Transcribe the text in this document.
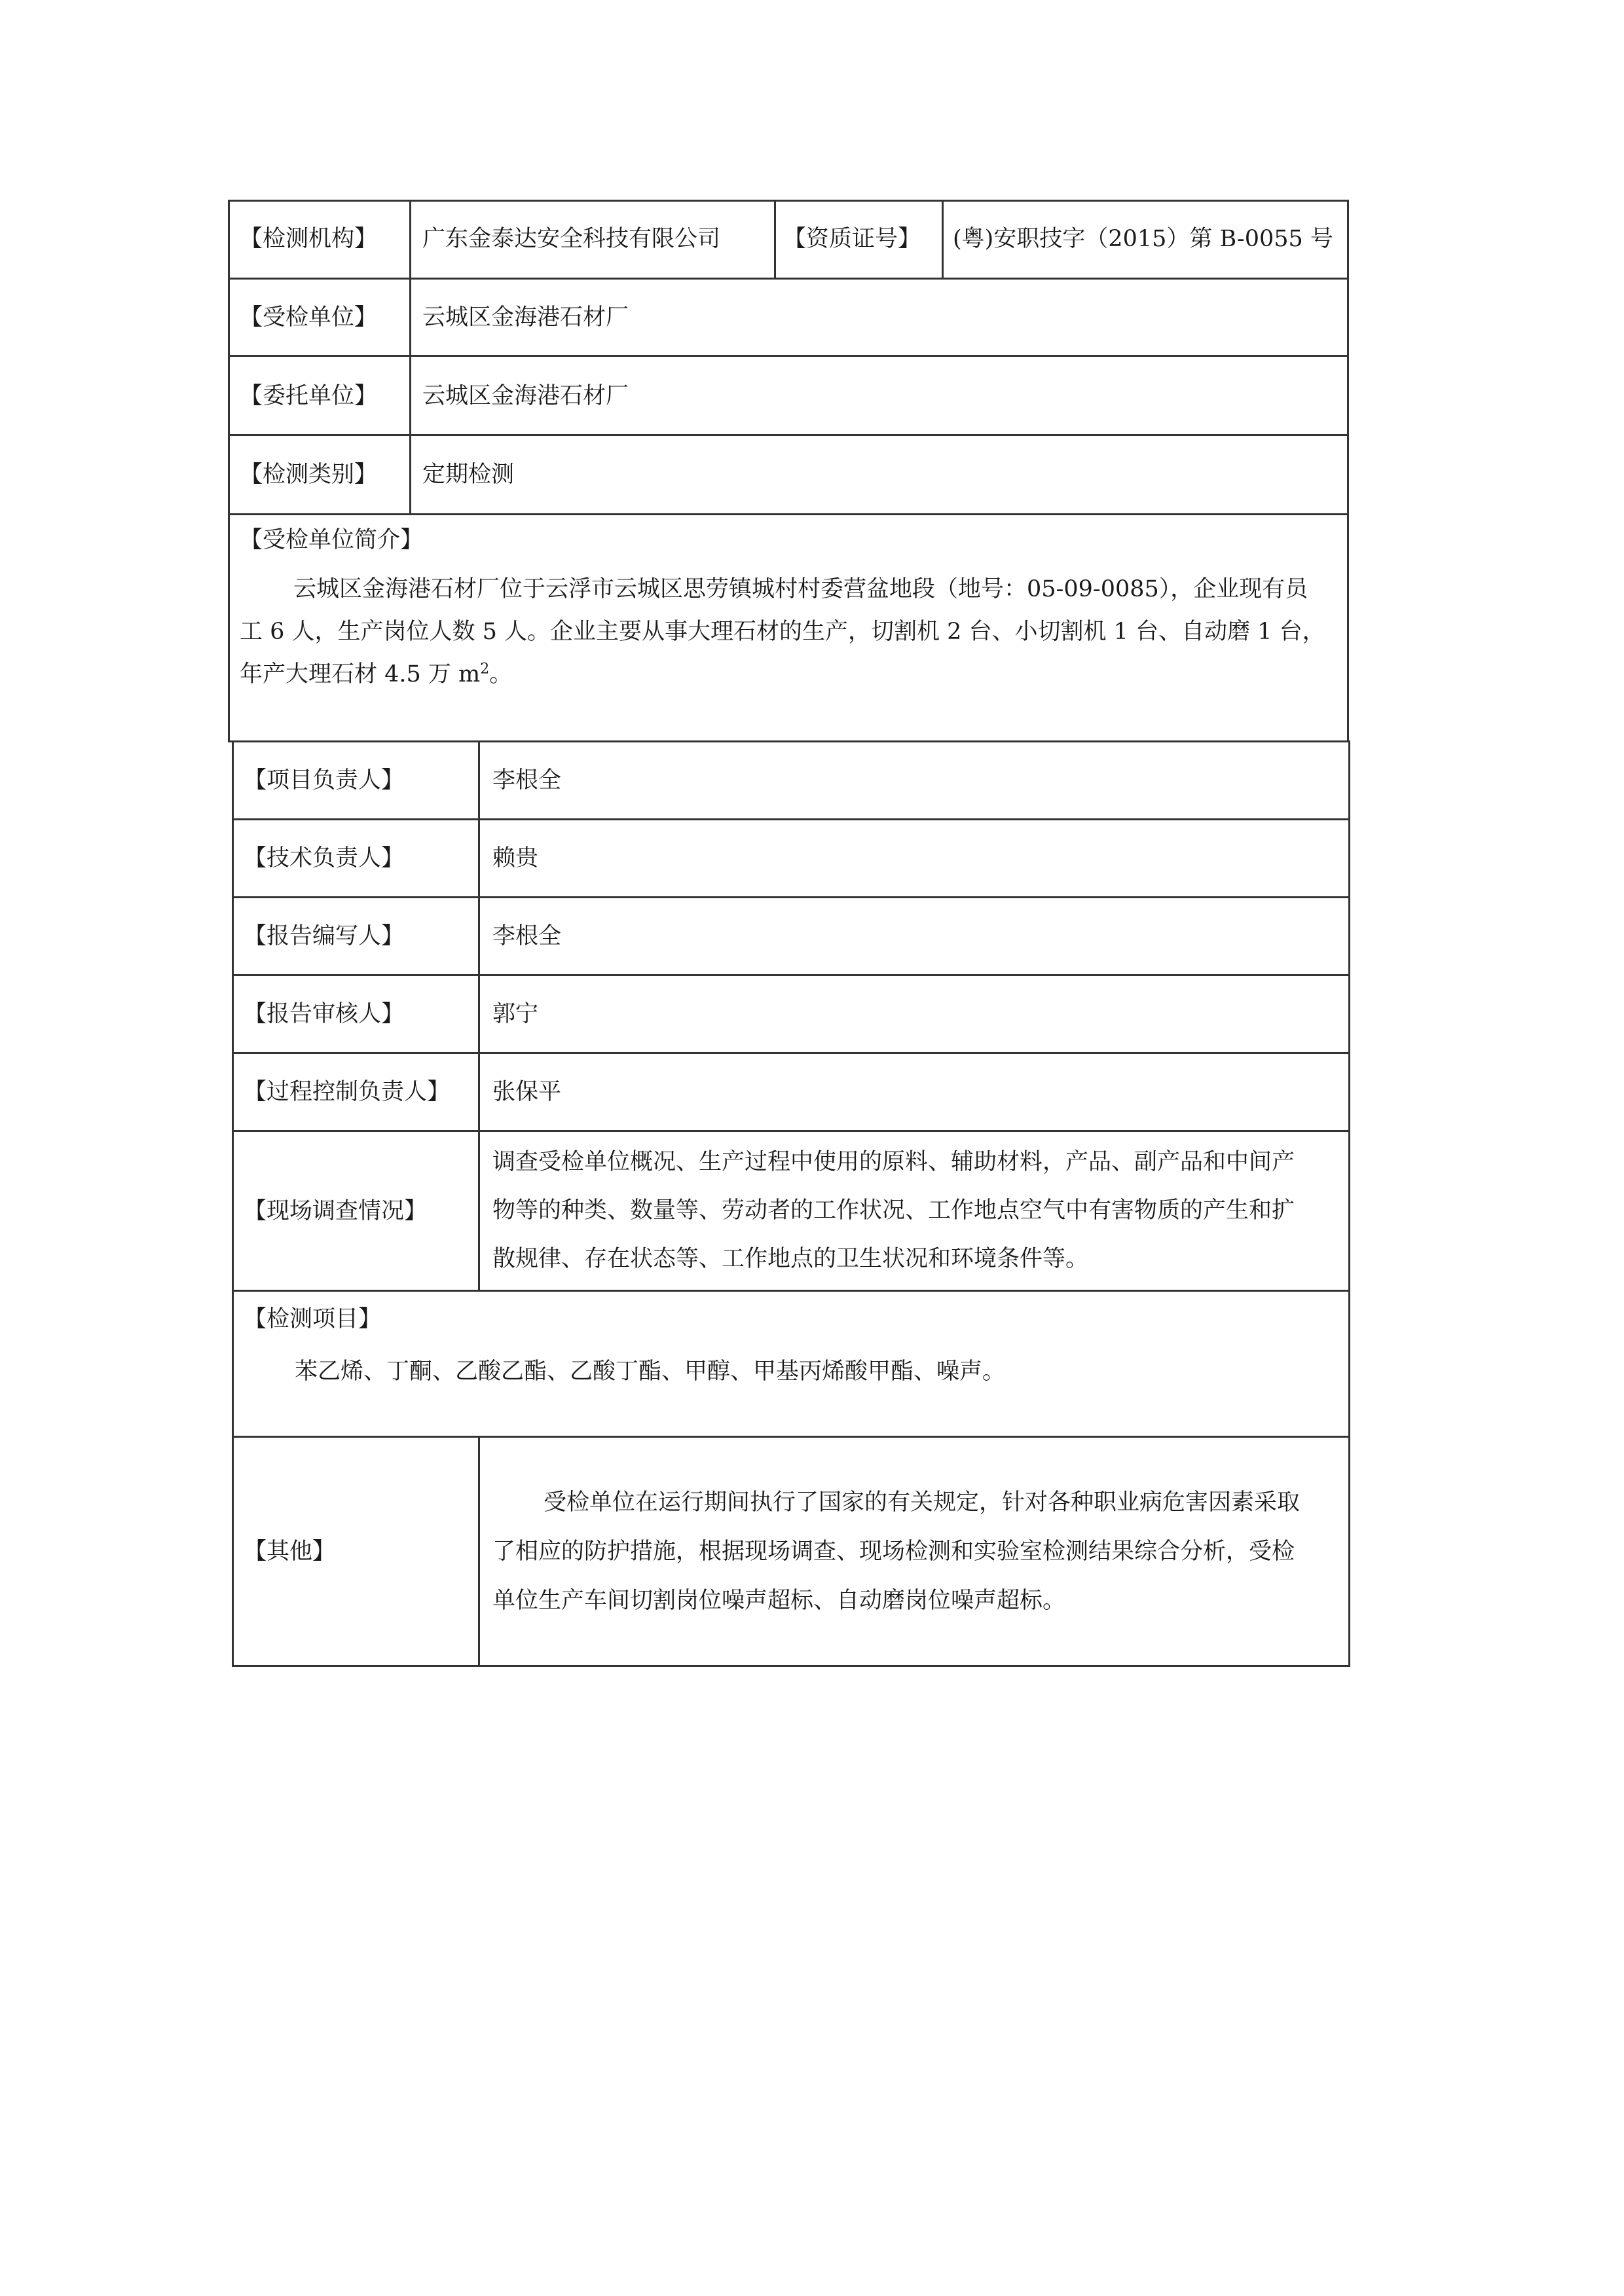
【检测机构】 广东金泰达安全科技有限公司	【资质证号】 (粤)安职技字（2015）第 B-0055 号
【受检单位】 云城区金海港石材厂
【委托单位】 云城区金海港石材厂
【检测类别】 定期检测
【受检单位简介】
云城区金海港石材厂位于云浮市云城区思劳镇城村村委营盆地段（地号：05-09-0085），企业现有员
工 6 人，生产岗位人数 5 人。企业主要从事大理石材的生产，切割机 2 台、小切割机 1 台、自动磨 1 台，
年产大理石材 4.5 万 $m^2$。
【项目负责人】	李根全
【技术负责人】	赖贵
【报告编写人】	李根全
【报告审核人】	郭宁
【过程控制负责人】 张保平
【现场调查情况】
调查受检单位概况、生产过程中使用的原料、辅助材料，产品、副产品和中间产
物等的种类、数量等、劳动者的工作状况、工作地点空气中有害物质的产生和扩
散规律、存在状态等、工作地点的卫生状况和环境条件等。
【检测项目】
苯乙烯、丁酮、乙酸乙酯、乙酸丁酯、甲醇、甲基丙烯酸甲酯、噪声。
【其他】
受检单位在运行期间执行了国家的有关规定，针对各种职业病危害因素采取
了相应的防护措施，根据现场调查、现场检测和实验室检测结果综合分析，受检
单位生产车间切割岗位噪声超标、自动磨岗位噪声超标。
